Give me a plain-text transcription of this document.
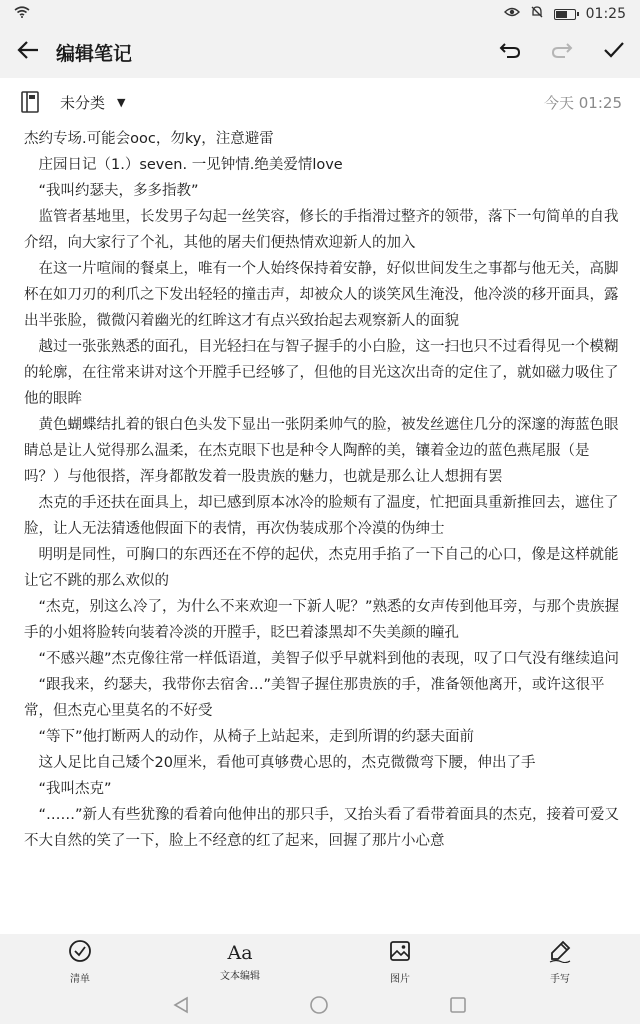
01:25
编辑笔记
未分类 ▼	今天 01:25

杰约专场.可能会ooc，勿ky，注意避雷

　庄园日记（1.）seven. 一见钟情.绝美爱情love

　“我叫约瑟夫，多多指教”

　监管者基地里，长发男子勾起一丝笑容，修长的手指滑过整齐的领带，落下一句简单的自我介绍，向大家行了个礼，其他的屠夫们便热情欢迎新人的加入

　在这一片喧闹的餐桌上，唯有一个人始终保持着安静，好似世间发生之事都与他无关，高脚杯在如刀刃的利爪之下发出轻轻的撞击声，却被众人的谈笑风生淹没，他冷淡的移开面具，露出半张脸，微微闪着幽光的红眸这才有点兴致抬起去观察新人的面貌

　越过一张张熟悉的面孔，目光轻扫在与智子握手的小白脸，这一扫也只不过看得见一个模糊的轮廓，在往常来讲对这个开膛手已经够了，但他的目光这次出奇的定住了，就如磁力吸住了他的眼眸

　黄色蝴蝶结扎着的银白色头发下显出一张阴柔帅气的脸，被发丝遮住几分的深邃的海蓝色眼睛总是让人觉得那么温柔，在杰克眼下也是种令人陶醉的美，镶着金边的蓝色燕尾服（是吗？）与他很搭，浑身都散发着一股贵族的魅力，也就是那么让人想拥有罢

　杰克的手还扶在面具上，却已感到原本冰冷的脸颊有了温度，忙把面具重新推回去，遮住了脸，让人无法猜透他假面下的表情，再次伪装成那个冷漠的伪绅士

　明明是同性，可胸口的东西还在不停的起伏，杰克用手掐了一下自己的心口，像是这样就能让它不跳的那么欢似的

　“杰克，别这么冷了，为什么不来欢迎一下新人呢？”熟悉的女声传到他耳旁，与那个贵族握手的小姐将脸转向装着冷淡的开膛手，眨巴着漆黑却不失美颜的瞳孔

　“不感兴趣”杰克像往常一样低语道，美智子似乎早就料到他的表现，叹了口气没有继续追问

　“跟我来，约瑟夫，我带你去宿舍…”美智子握住那贵族的手，准备领他离开，或许这很平常，但杰克心里莫名的不好受

　“等下”他打断两人的动作，从椅子上站起来，走到所谓的约瑟夫面前

　这人足比自己矮个20厘米，看他可真够费心思的，杰克微微弯下腰，伸出了手

　“我叫杰克”

　“……”新人有些犹豫的看着向他伸出的那只手，又抬头看了看带着面具的杰克，接着可爱又不大自然的笑了一下，脸上不经意的红了起来，回握了那片小心意

清单
Aa
文本编辑	图片	手写
